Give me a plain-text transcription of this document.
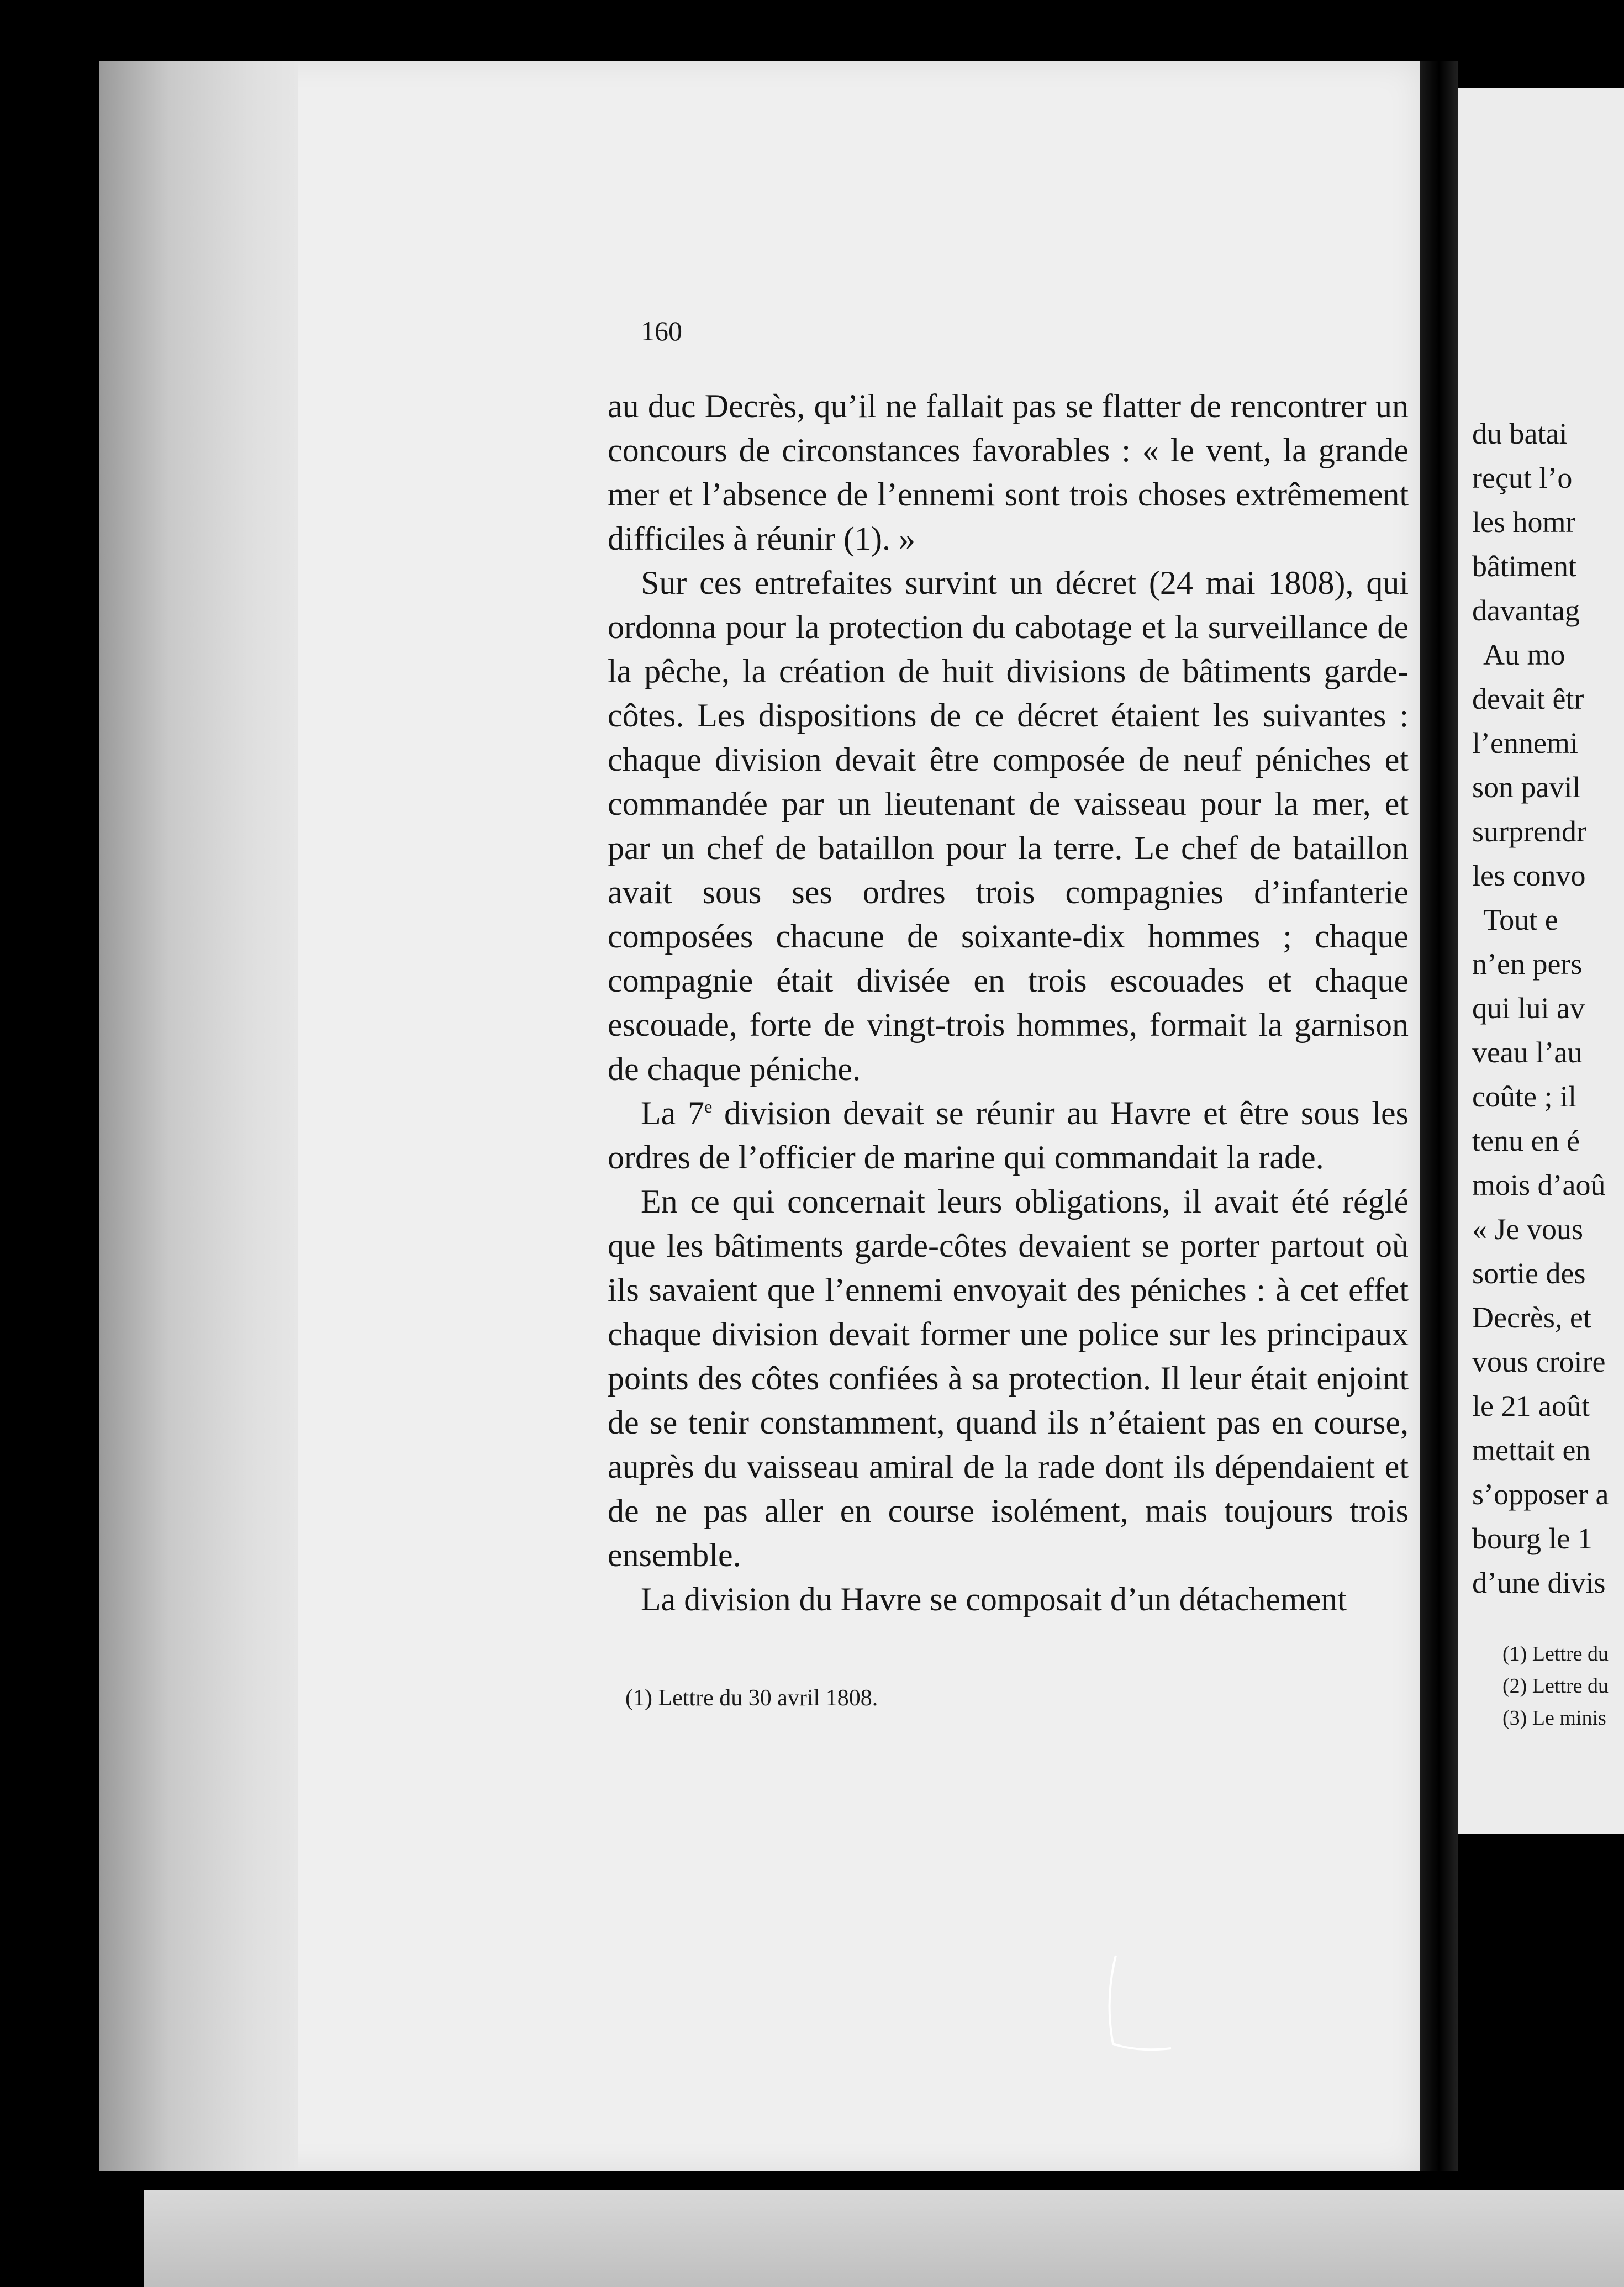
160

au duc Decrès, qu’il ne fallait pas se flatter de rencontrer un concours de circonstances favorables : « le vent, la grande mer et l’absence de l’ennemi sont trois choses extrêmement difficiles à réunir (1). »

Sur ces entrefaites survint un décret (24 mai 1808), qui ordonna pour la protection du cabotage et la surveillance de la pêche, la création de huit divisions de bâtiments garde-côtes. Les dispositions de ce décret étaient les suivantes : chaque division devait être composée de neuf péniches et commandée par un lieutenant de vaisseau pour la mer, et par un chef de bataillon pour la terre. Le chef de bataillon avait sous ses ordres trois compagnies d’infanterie composées chacune de soixante-dix hommes ; chaque compagnie était divisée en trois escouades et chaque escouade, forte de vingt-trois hommes, formait la garnison de chaque péniche.

La 7e division devait se réunir au Havre et être sous les ordres de l’officier de marine qui commandait la rade.

En ce qui concernait leurs obligations, il avait été réglé que les bâtiments garde-côtes devaient se porter partout où ils savaient que l’ennemi envoyait des péniches : à cet effet chaque division devait former une police sur les principaux points des côtes confiées à sa protection. Il leur était enjoint de se tenir constamment, quand ils n’étaient pas en course, auprès du vaisseau amiral de la rade dont ils dépendaient et de ne pas aller en course isolément, mais toujours trois ensemble.

La division du Havre se composait d’un détachement

(1) Lettre du 30 avril 1808.
du batai
reçut l’o
les homr
bâtiment
davantag
Au mo
devait êtr
l’ennemi
son pavil
surprendr
les convo
Tout e
n’en pers
qui lui av
veau l’au
coûte ; il
tenu en é
mois d’aoû
« Je vous
sortie des
Decrès, et
vous croire
le 21 août
mettait en
s’opposer a
bourg le 1
d’une divis
(1) Lettre du
(2) Lettre du
(3) Le minis
